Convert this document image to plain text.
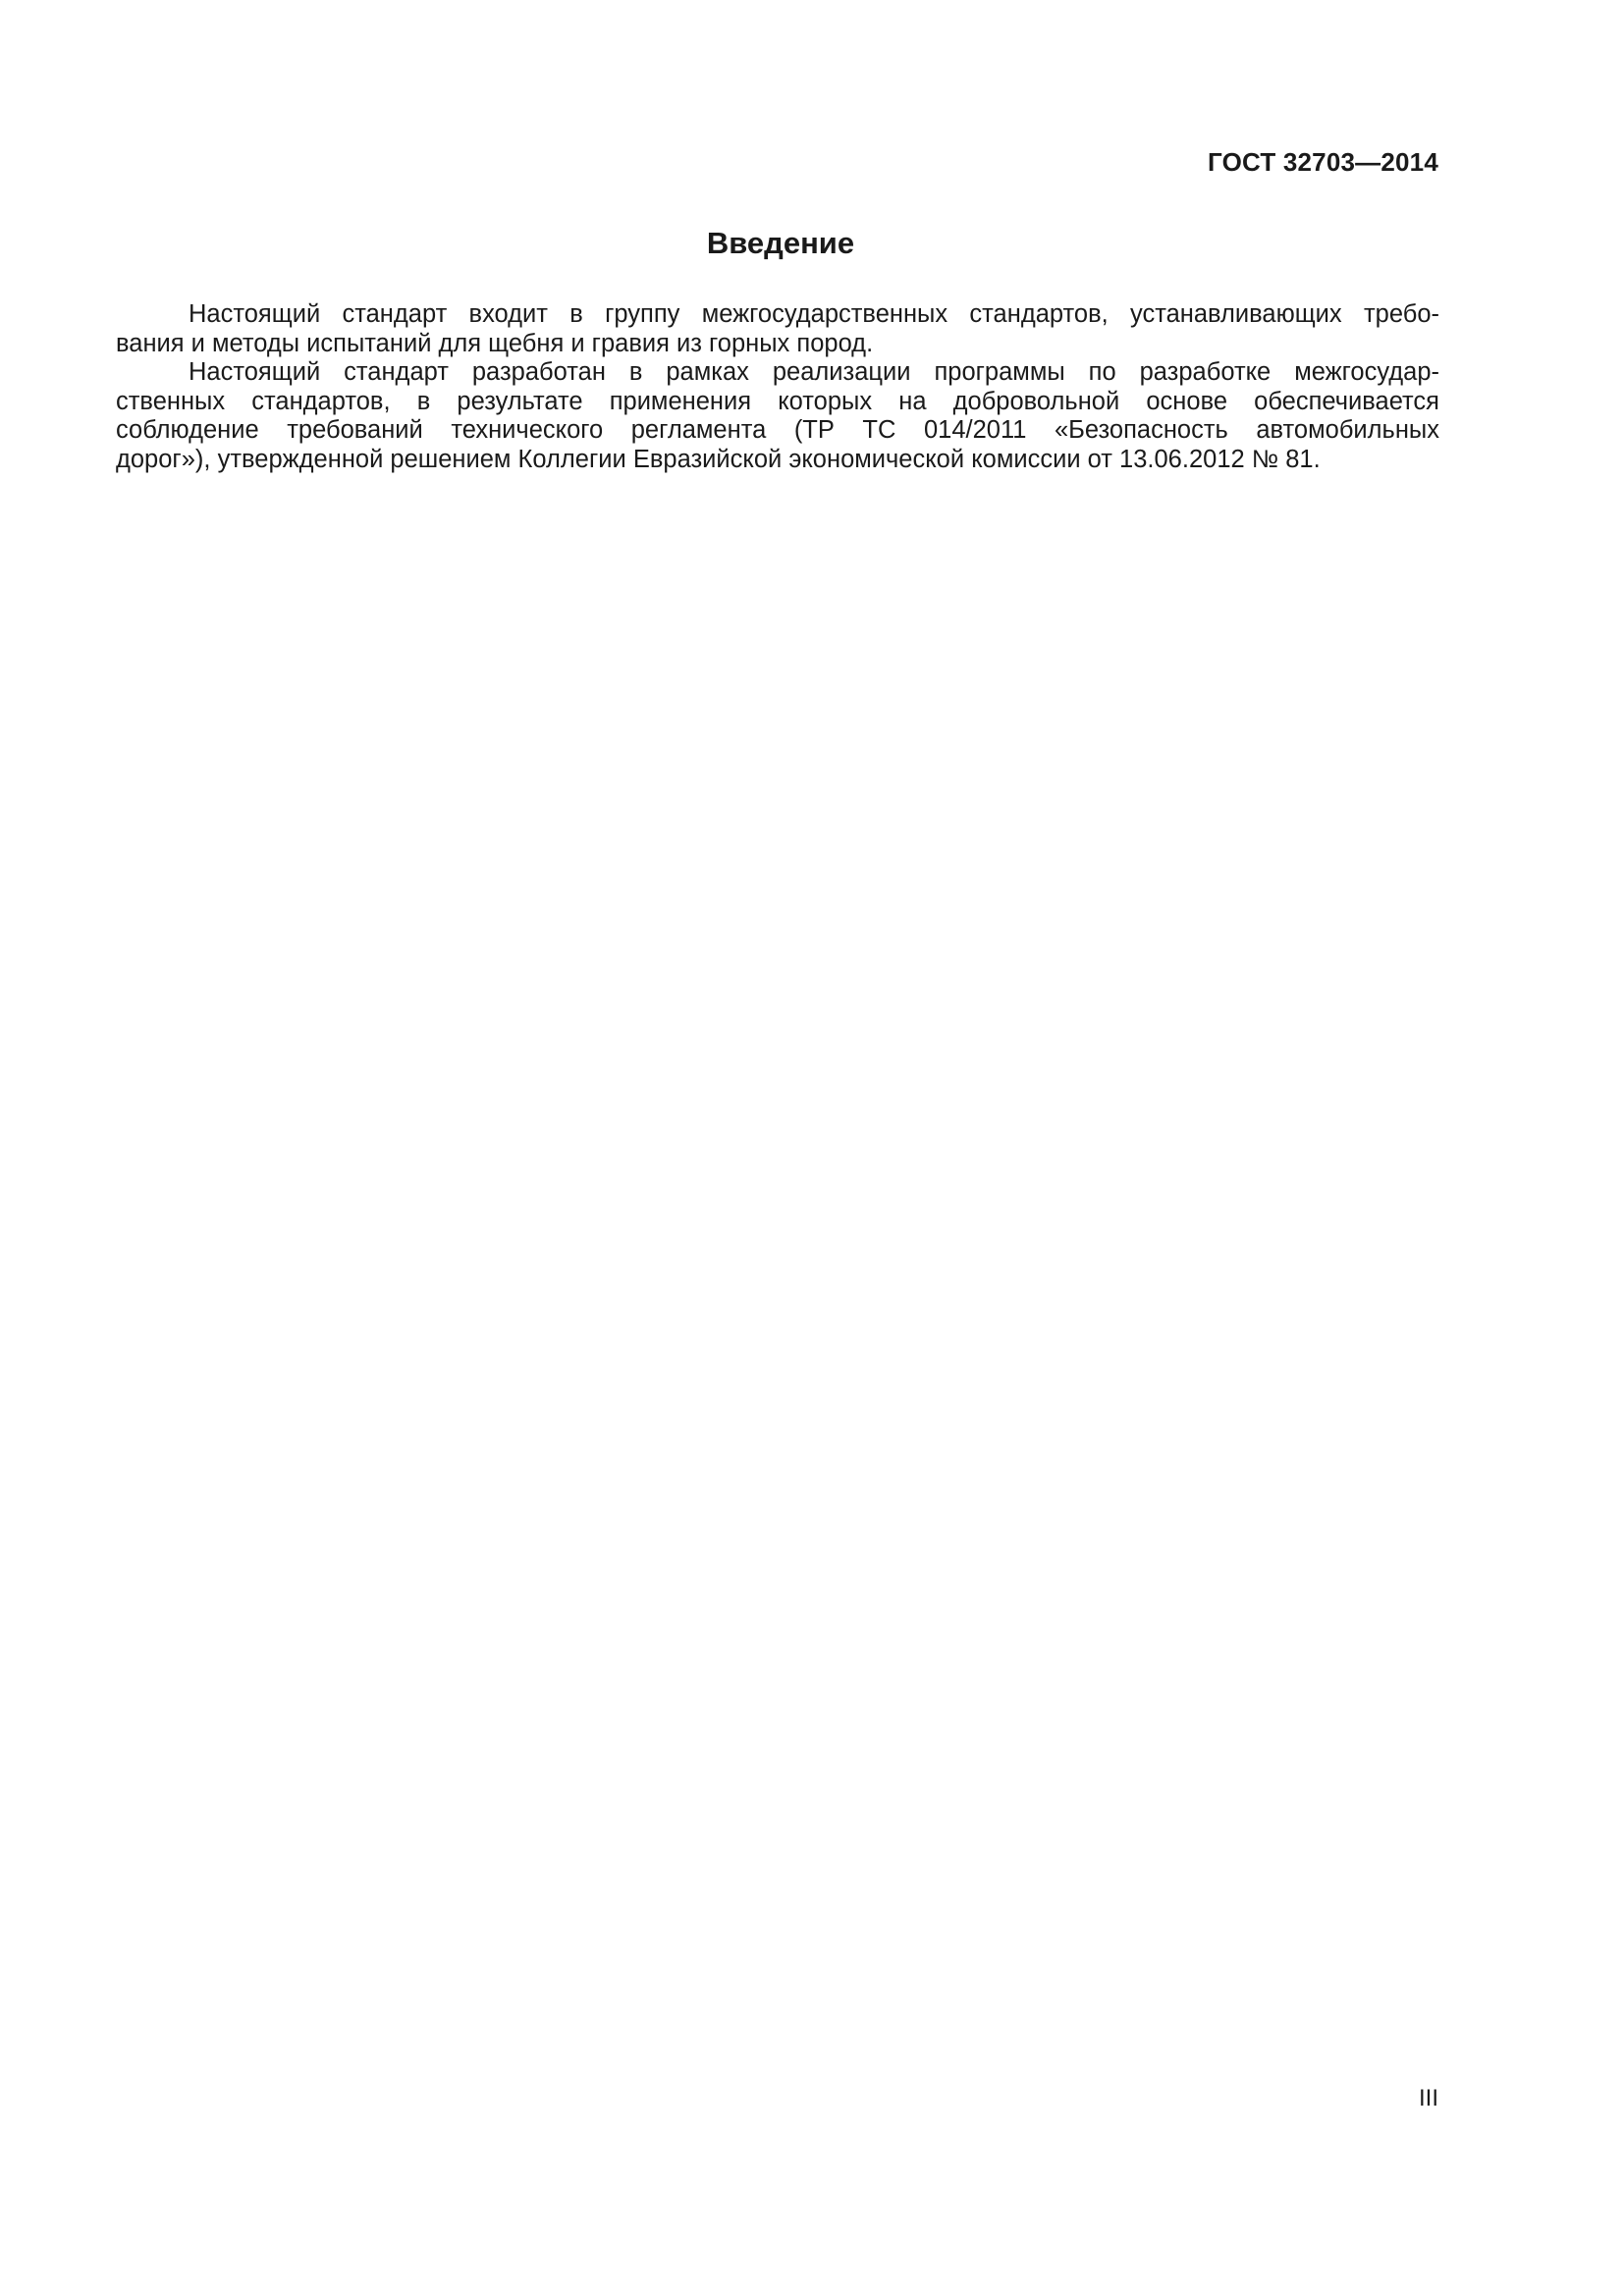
ГОСТ 32703—2014
Введение

Настоящий стандарт входит в группу межгосударственных стандартов, устанавливающих требо-
вания и методы испытаний для щебня и гравия из горных пород.

Настоящий стандарт разработан в рамках реализации программы по разработке межгосудар-
ственных стандартов, в результате применения которых на добровольной основе обеспечивается
соблюдение требований технического регламента (ТР ТС 014/2011 «Безопасность автомобильных
дорог»), утвержденной решением Коллегии Евразийской экономической комиссии от 13.06.2012 № 81.

III
